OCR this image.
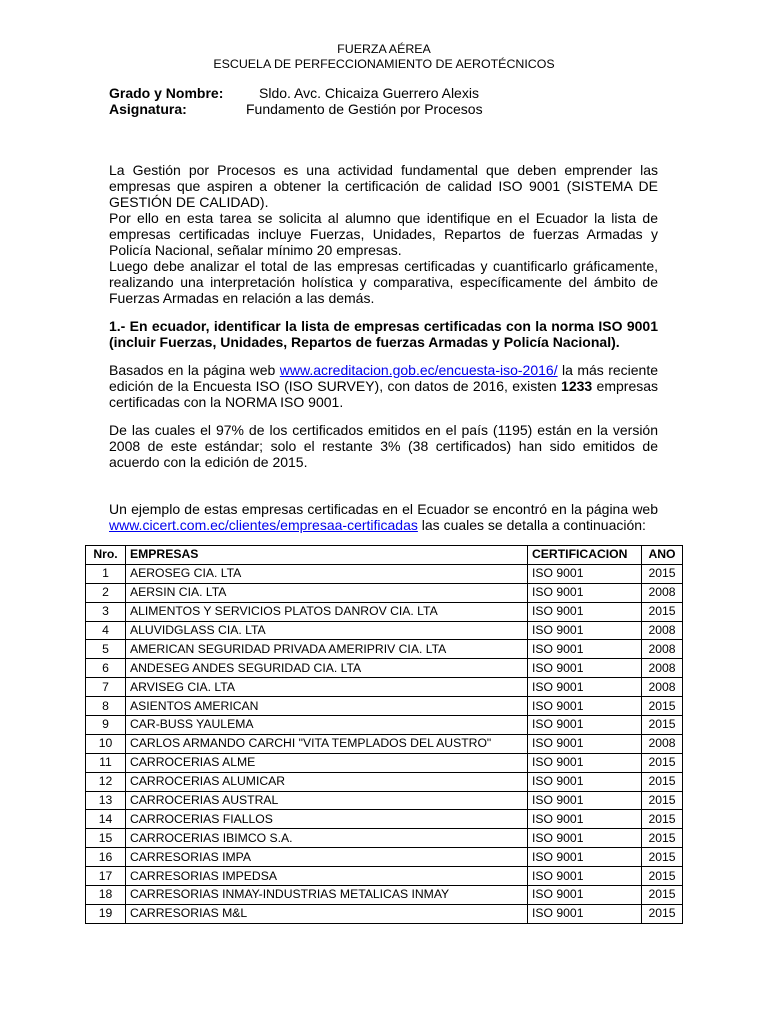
FUERZA AÉREA
ESCUELA DE PERFECCIONAMIENTO DE AEROTÉCNICOS
Grado y Nombre:	Sldo. Avc. Chicaiza Guerrero Alexis
Asignatura:	Fundamento de Gestión por Procesos

La Gestión por Procesos es una actividad fundamental que deben emprender las empresas que aspiren a obtener la certificación de calidad ISO 9001 (SISTEMA DE GESTIÓN DE CALIDAD).

Por ello en esta tarea se solicita al alumno que identifique en el Ecuador la lista de empresas certificadas incluye Fuerzas, Unidades, Repartos de fuerzas Armadas y Policía Nacional, señalar mínimo 20 empresas.

Luego debe analizar el total de las empresas certificadas y cuantificarlo gráficamente, realizando una interpretación holística y comparativa, específicamente del ámbito de Fuerzas Armadas en relación a las demás.

1.- En ecuador, identificar la lista de empresas certificadas con la norma ISO 9001 (incluir Fuerzas, Unidades, Repartos de fuerzas Armadas y Policía Nacional).
Basados en la página web www.acreditacion.gob.ec/encuesta-iso-2016/ la más reciente edición de la Encuesta ISO (ISO SURVEY), con datos de 2016, existen 1233 empresas certificadas con la NORMA ISO 9001.
De las cuales el 97% de los certificados emitidos en el país (1195) están en la versión 2008 de este estándar; solo el restante 3% (38 certificados) han sido emitidos de acuerdo con la edición de 2015.
Un ejemplo de estas empresas certificadas en el Ecuador se encontró en la página web www.cicert.com.ec/clientes/empresaa-certificadas las cuales se detalla a continuación:
Nro.	EMPRESAS	CERTIFICACION	ANO
1	AEROSEG CIA. LTA	ISO 9001	2015
2	AERSIN CIA. LTA	ISO 9001	2008
3	ALIMENTOS Y SERVICIOS PLATOS DANROV CIA. LTA	ISO 9001	2015
4	ALUVIDGLASS CIA. LTA	ISO 9001	2008
5	AMERICAN SEGURIDAD PRIVADA AMERIPRIV CIA. LTA	ISO 9001	2008
6	ANDESEG ANDES SEGURIDAD CIA. LTA	ISO 9001	2008
7	ARVISEG CIA. LTA	ISO 9001	2008
8	ASIENTOS AMERICAN	ISO 9001	2015
9	CAR-BUSS YAULEMA	ISO 9001	2015
10	CARLOS ARMANDO CARCHI "VITA TEMPLADOS DEL AUSTRO"	ISO 9001	2008
11	CARROCERIAS ALME	ISO 9001	2015
12	CARROCERIAS ALUMICAR	ISO 9001	2015
13	CARROCERIAS AUSTRAL	ISO 9001	2015
14	CARROCERIAS FIALLOS	ISO 9001	2015
15	CARROCERIAS IBIMCO S.A.	ISO 9001	2015
16	CARRESORIAS IMPA	ISO 9001	2015
17	CARRESORIAS IMPEDSA	ISO 9001	2015
18	CARRESORIAS INMAY-INDUSTRIAS METALICAS INMAY	ISO 9001	2015
19	CARRESORIAS M&L	ISO 9001	2015
